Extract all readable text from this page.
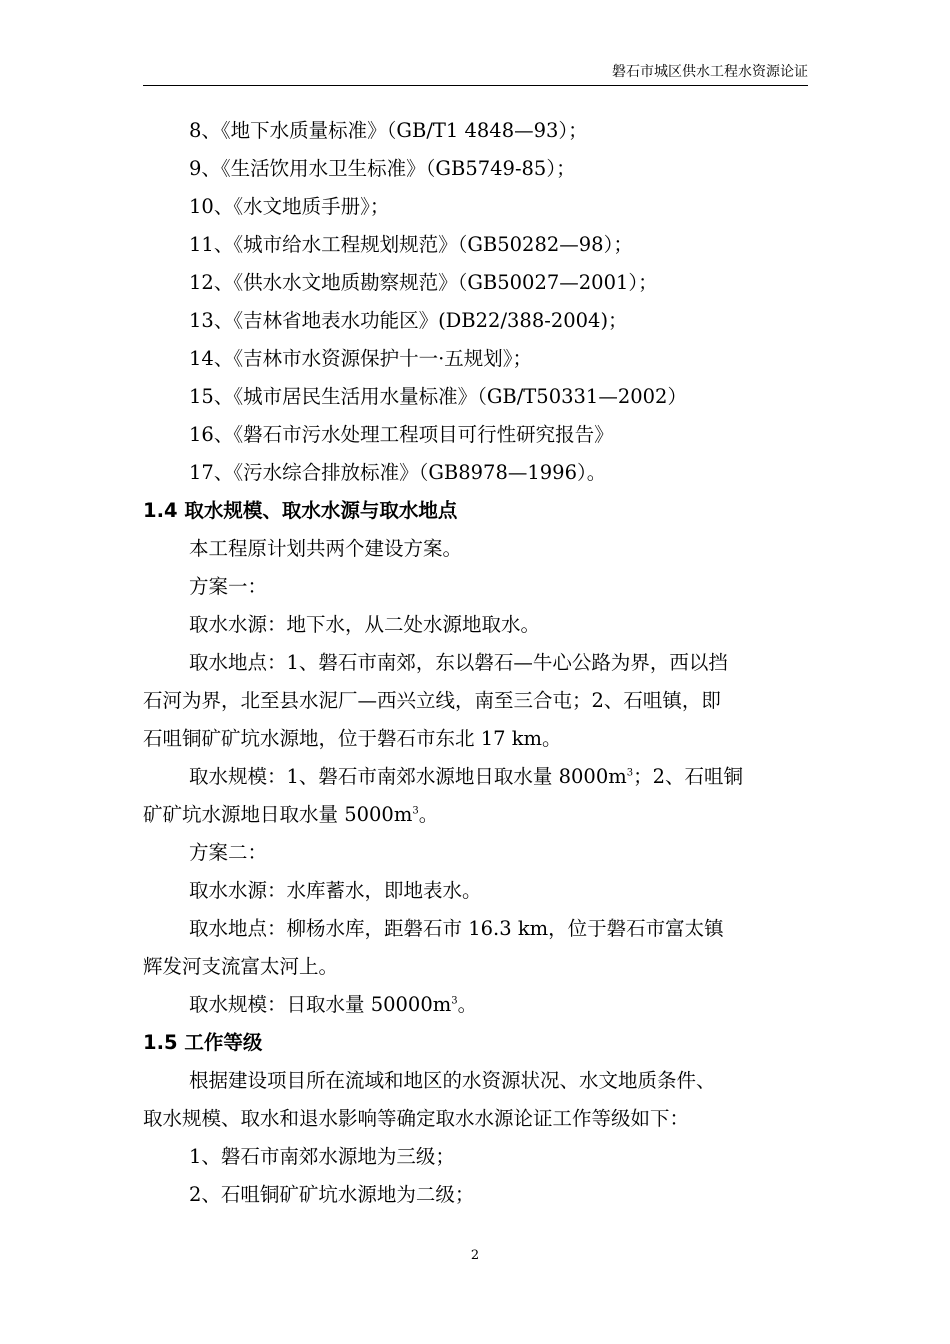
磐石市城区供水工程水资源论证
8、《地下水质量标准》（GB/T1 4848—93）；
9、《生活饮用水卫生标准》（GB5749-85）；
10、《水文地质手册》；
11、《城市给水工程规划规范》（GB50282—98）；
12、《供水水文地质勘察规范》（GB50027—2001）；
13、《吉林省地表水功能区》(DB22/388-2004)；
14、《吉林市水资源保护十一·五规划》；
15、《城市居民生活用水量标准》（GB/T50331—2002）
16、《磐石市污水处理工程项目可行性研究报告》
17、《污水综合排放标准》（GB8978—1996）。
1.4 取水规模、取水水源与取水地点
本工程原计划共两个建设方案。
方案一：
取水水源：地下水，从二处水源地取水。
取水地点：1、磐石市南郊，东以磐石—牛心公路为界，西以挡
石河为界，北至县水泥厂—西兴立线，南至三合屯；2、石咀镇，即
石咀铜矿矿坑水源地，位于磐石市东北 17 km。
取水规模：1、磐石市南郊水源地日取水量 $8000m^3$；2、石咀铜
矿矿坑水源地日取水量 $5000m^3$。
方案二：
取水水源：水库蓄水，即地表水。
取水地点：柳杨水库，距磐石市 16.3 km，位于磐石市富太镇
辉发河支流富太河上。
取水规模：日取水量 $50000m^3$。
1.5 工作等级
根据建设项目所在流域和地区的水资源状况、水文地质条件、
取水规模、取水和退水影响等确定取水水源论证工作等级如下：
1、磐石市南郊水源地为三级；
2、石咀铜矿矿坑水源地为二级；
2
